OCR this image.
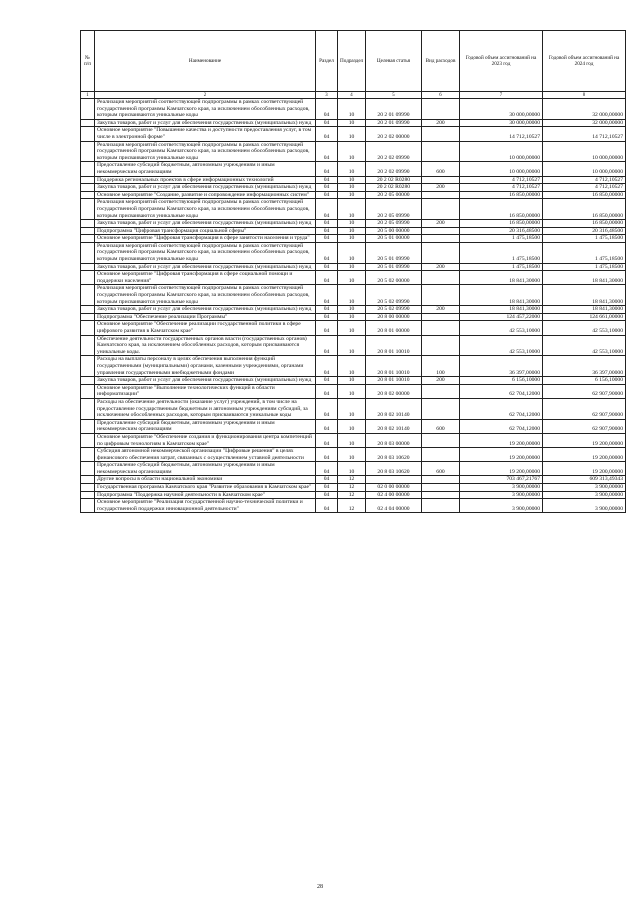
№ п/п	Наименование	Раздел	Подраздел	Целевая статья	Вид расходов	Годовой объем ассигнований на 2023 год	Годовой объем ассигнований на 2024 год
1	2	3	4	5	6	7	8
	Реализация мероприятий соответствующей подпрограммы в рамках соответствующей государственной программы Камчатского края, за исключением обособленных расходов, которым присваиваются уникальные коды	04	10	20 2 01 09990		30 000,00000	32 000,00000
	Закупка товаров, работ и услуг для обеспечения государственных (муниципальных) нужд	04	10	20 2 01 09990	200	30 000,00000	32 000,00000
	Основное мероприятие "Повышение качества и доступности предоставления услуг, в том числе в электронной форме"	04	10	20 2 02 00000		14 712,10527	14 712,10527
	Реализация мероприятий соответствующей подпрограммы в рамках соответствующей государственной программы Камчатского края, за исключением обособленных расходов, которым присваиваются уникальные коды	04	10	20 2 02 09990		10 000,00000	10 000,00000
	Предоставление субсидий бюджетным, автономным учреждениям и иным некоммерческим организациям	04	10	20 2 02 09990	600	10 000,00000	10 000,00000
	Поддержка региональных проектов в сфере информационных технологий	04	10	20 2 02 R0280		4 712,10527	4 712,10527
	Закупка товаров, работ и услуг для обеспечения государственных (муниципальных) нужд	04	10	20 2 02 R0280	200	4 712,10527	4 712,10527
	Основное мероприятие "Создание, развитие и сопровождение информационных систем"	04	10	20 2 05 00000		16 850,00000	16 850,00000
	Реализация мероприятий соответствующей подпрограммы в рамках соответствующей государственной программы Камчатского края, за исключением обособленных расходов, которым присваиваются уникальные коды	04	10	20 2 05 09990		16 850,00000	16 850,00000
	Закупка товаров, работ и услуг для обеспечения государственных (муниципальных) нужд	04	10	20 2 05 09990	200	16 850,00000	16 850,00000
	Подпрограмма "Цифровая трансформация социальной сферы"	04	10	20 5 00 00000		20 316,48500	20 316,48500
	Основное мероприятие "Цифровая трансформация в сфере занятости населения и труда"	04	10	20 5 01 00000		1 475,18500	1 475,18500
	Реализация мероприятий соответствующей подпрограммы в рамках соответствующей государственной программы Камчатского края, за исключением обособленных расходов, которым присваиваются уникальные коды	04	10	20 5 01 09990		1 475,18500	1 475,18500
	Закупка товаров, работ и услуг для обеспечения государственных (муниципальных) нужд	04	10	20 5 01 09990	200	1 475,18500	1 475,18500
	Основное мероприятие "Цифровая трансформация в сфере социальной помощи и поддержки населения"	04	10	20 5 02 00000		18 841,30000	18 841,30000
	Реализация мероприятий соответствующей подпрограммы в рамках соответствующей государственной программы Камчатского края, за исключением обособленных расходов, которым присваиваются уникальные коды	04	10	20 5 02 09990		18 841,30000	18 841,30000
	Закупка товаров, работ и услуг для обеспечения государственных (муниципальных) нужд	04	10	20 5 02 09990	200	18 841,30000	18 841,30000
	Подпрограмма "Обеспечение реализации Программы"	04	10	20 8 00 00000		124 457,22000	124 661,00000
	Основное мероприятие "Обеспечение реализации государственной политики в сфере цифрового развития в Камчатском крае"	04	10	20 8 01 00000		42 553,10000	42 553,10000
	Обеспечение деятельности государственных органов власти (государственных органов) Камчатского края, за исключением обособленных расходов, которым присваиваются уникальные коды.	04	10	20 8 01 10010		42 553,10000	42 553,10000
	Расходы на выплаты персоналу в целях обеспечения выполнения функций государственными (муниципальными) органами, казенными учреждениями, органами управления государственными внебюджетными фондами	04	10	20 8 01 10010	100	36 397,00000	36 397,00000
	Закупка товаров, работ и услуг для обеспечения государственных (муниципальных) нужд	04	10	20 8 01 10010	200	6 156,10000	6 156,10000
	Основное мероприятие "Выполнение технологических функций в области информатизации"	04	10	20 8 02 00000		62 704,12000	62 907,90000
	Расходы на обеспечение деятельности (оказание услуг) учреждений, в том числе на предоставление государственным бюджетным и автономным учреждениям субсидий, за исключением обособленных расходов, которым присваиваются уникальные коды	04	10	20 8 02 10140		62 704,12000	62 907,90000
	Предоставление субсидий бюджетным, автономным учреждениям и иным некоммерческим организациям	04	10	20 8 02 10140	600	62 704,12000	62 907,90000
	Основное мероприятие "Обеспечение создания и функционирования центра компетенций по цифровым технологиям в Камчатском крае"	04	10	20 8 03 00000		19 200,00000	19 200,00000
	Субсидия автономной некоммерческой организации "Цифровые решения" в целях финансового обеспечения затрат, связанных с осуществлением уставной деятельности	04	10	20 8 03 10620		19 200,00000	19 200,00000
	Предоставление субсидий бюджетным, автономным учреждениям и иным некоммерческим организациям	04	10	20 8 03 10620	600	19 200,00000	19 200,00000
	Другие вопросы в области национальной экономики	04	12			703 467,21767	609 313,49343
	Государственная программа Камчатского края "Развитие образования в Камчатском крае"	04	12	02 0 00 00000		3 900,00000	3 900,00000
	Подпрограмма "Поддержка научной деятельности в Камчатском крае"	04	12	02 4 00 00000		3 900,00000	3 900,00000
	Основное мероприятие "Реализация государственной научно-технической политики и государственной поддержки инновационной деятельности"	04	12	02 4 04 00000		3 900,00000	3 900,00000
28
